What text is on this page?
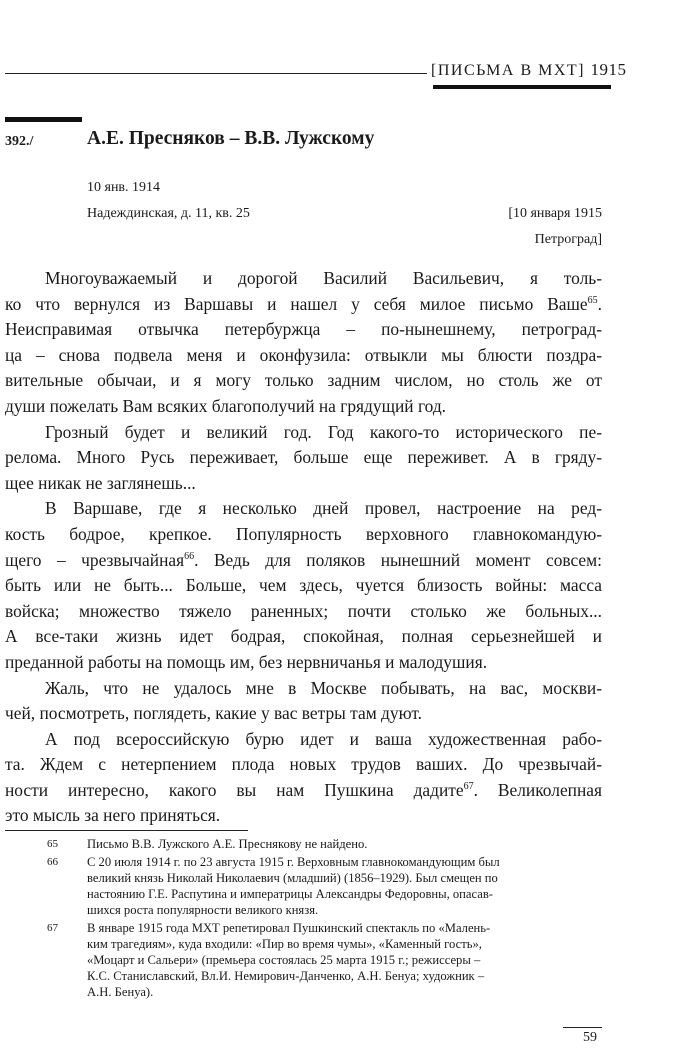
[ПИСЬМА В МХТ] 1915
392./	А.Е. Пресняков – В.В. Лужскому
10 янв. 1914
Надеждинская, д. 11, кв. 25	[10 января 1915
Петроград]
Многоуважаемый и дорогой Василий Васильевич, я толь-
ко что вернулся из Варшавы и нашел у себя милое письмо Ваше$^{65}$.
Неисправимая отвычка петербуржца – по-нынешнему, петроград-
ца – снова подвела меня и оконфузила: отвыкли мы блюсти поздра-
вительные обычаи, и я могу только задним числом, но столь же от
души пожелать Вам всяких благополучий на грядущий год.
Грозный будет и великий год. Год какого-то исторического пе-
релома. Много Русь переживает, больше еще переживет. А в гряду-
щее никак не заглянешь...
В Варшаве, где я несколько дней провел, настроение на ред-
кость бодрое, крепкое. Популярность верховного главнокомандую-
щего – чрезвычайная$^{66}$. Ведь для поляков нынешний момент совсем:
быть или не быть... Больше, чем здесь, чуется близость войны: масса
войска; множество тяжело раненных; почти столько же больных...
А все-таки жизнь идет бодрая, спокойная, полная серьезнейшей и
преданной работы на помощь им, без нервничанья и малодушия.
Жаль, что не удалось мне в Москве побывать, на вас, москви-
чей, посмотреть, поглядеть, какие у вас ветры там дуют.
А под всероссийскую бурю идет и ваша художественная рабо-
та. Ждем с нетерпением плода новых трудов ваших. До чрезвычай-
ности интересно, какого вы нам Пушкина дадите$^{67}$. Великолепная
это мысль за него приняться.
65 Письмо В.В. Лужского А.Е. Преснякову не найдено.
66 С 20 июля 1914 г. по 23 августа 1915 г. Верховным главнокомандующим был
великий князь Николай Николаевич (младший) (1856–1929). Был смещен по
настоянию Г.Е. Распутина и императрицы Александры Федоровны, опасав-
шихся роста популярности великого князя.
67 В январе 1915 года МХТ репетировал Пушкинский спектакль по «Малень-
ким трагедиям», куда входили: «Пир во время чумы», «Каменный гость»,
«Моцарт и Сальери» (премьера состоялась 25 марта 1915 г.; режиссеры –
К.С. Станиславский, Вл.И. Немирович-Данченко, А.Н. Бенуа; художник –
А.Н. Бенуа).
59
